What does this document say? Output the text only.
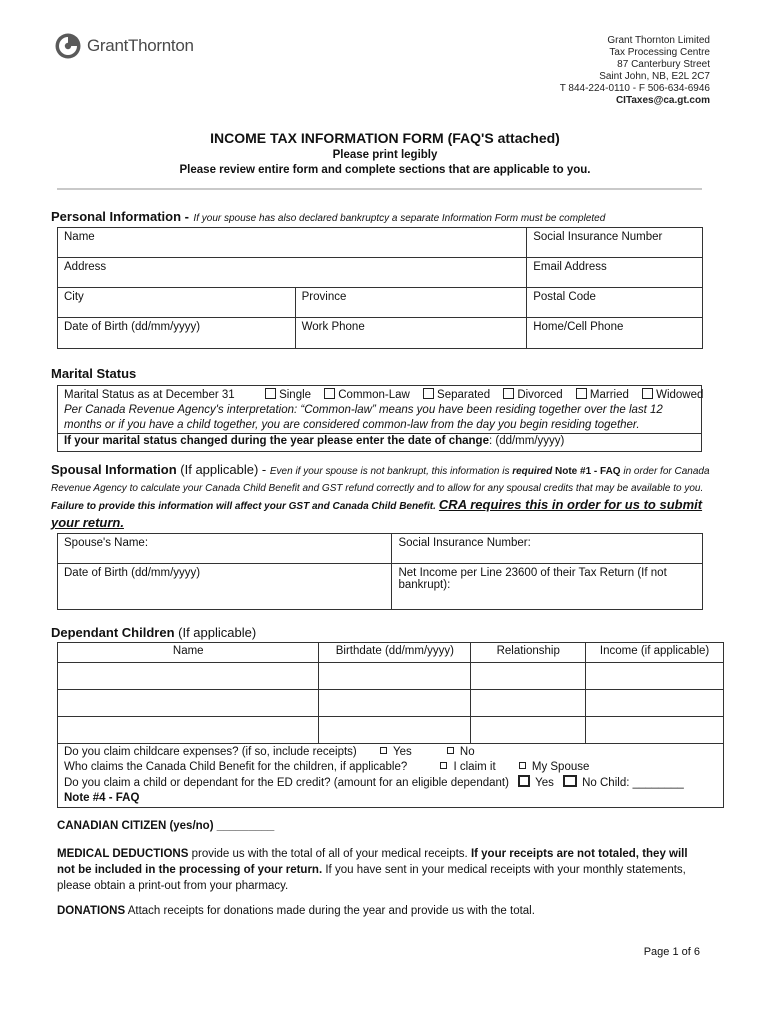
GrantThornton	Grant Thornton Limited
Tax Processing Centre
87 Canterbury Street
Saint John, NB, E2L 2C7
T 844-224-0110 - F 506-634-6946
CITaxes@ca.gt.com
INCOME TAX INFORMATION FORM (FAQ'S attached)
Please print legibly
Please review entire form and complete sections that are applicable to you.
Personal Information - If your spouse has also declared bankruptcy a separate Information Form must be completed
Name		Social Insurance Number
Address		Email Address
City	Province	Postal Code
Date of Birth (dd/mm/yyyy)	Work Phone	Home/Cell Phone
Marital Status
Marital Status as at December 31	Single Common-Law Separated Divorced Married Widowed
Per Canada Revenue Agency's interpretation: “Common-law” means you have been residing together over the last 12 months or if you have a child together, you are considered common-law from the day you begin residing together.
If your marital status changed during the year please enter the date of change: (dd/mm/yyyy)
Spousal Information (If applicable) - Even if your spouse is not bankrupt, this information is required Note #1 - FAQ in order for Canada Revenue Agency to calculate your Canada Child Benefit and GST refund correctly and to allow for any spousal credits that may be available to you. Failure to provide this information will affect your GST and Canada Child Benefit. CRA requires this in order for us to submit your return.
Spouse's Name:	Social Insurance Number:
Date of Birth (dd/mm/yyyy)	Net Income per Line 23600 of their Tax Return (If not bankrupt):
Dependant Children (If applicable)
Name	Birthdate (dd/mm/yyyy)	Relationship	Income (if applicable)

Do you claim childcare expenses? (if so, include receipts) Yes No
Who claims the Canada Child Benefit for the children, if applicable? I claim it My Spouse
Do you claim a child or dependant for the ED credit? (amount for an eligible dependant) Yes No Child: ________
Note #4 - FAQ			
CANADIAN CITIZEN (yes/no) _________
MEDICAL DEDUCTIONS provide us with the total of all of your medical receipts. If your receipts are not totaled, they will not be included in the processing of your return. If you have sent in your medical receipts with your monthly statements, please obtain a print-out from your pharmacy.
DONATIONS Attach receipts for donations made during the year and provide us with the total.
Page 1 of 6
